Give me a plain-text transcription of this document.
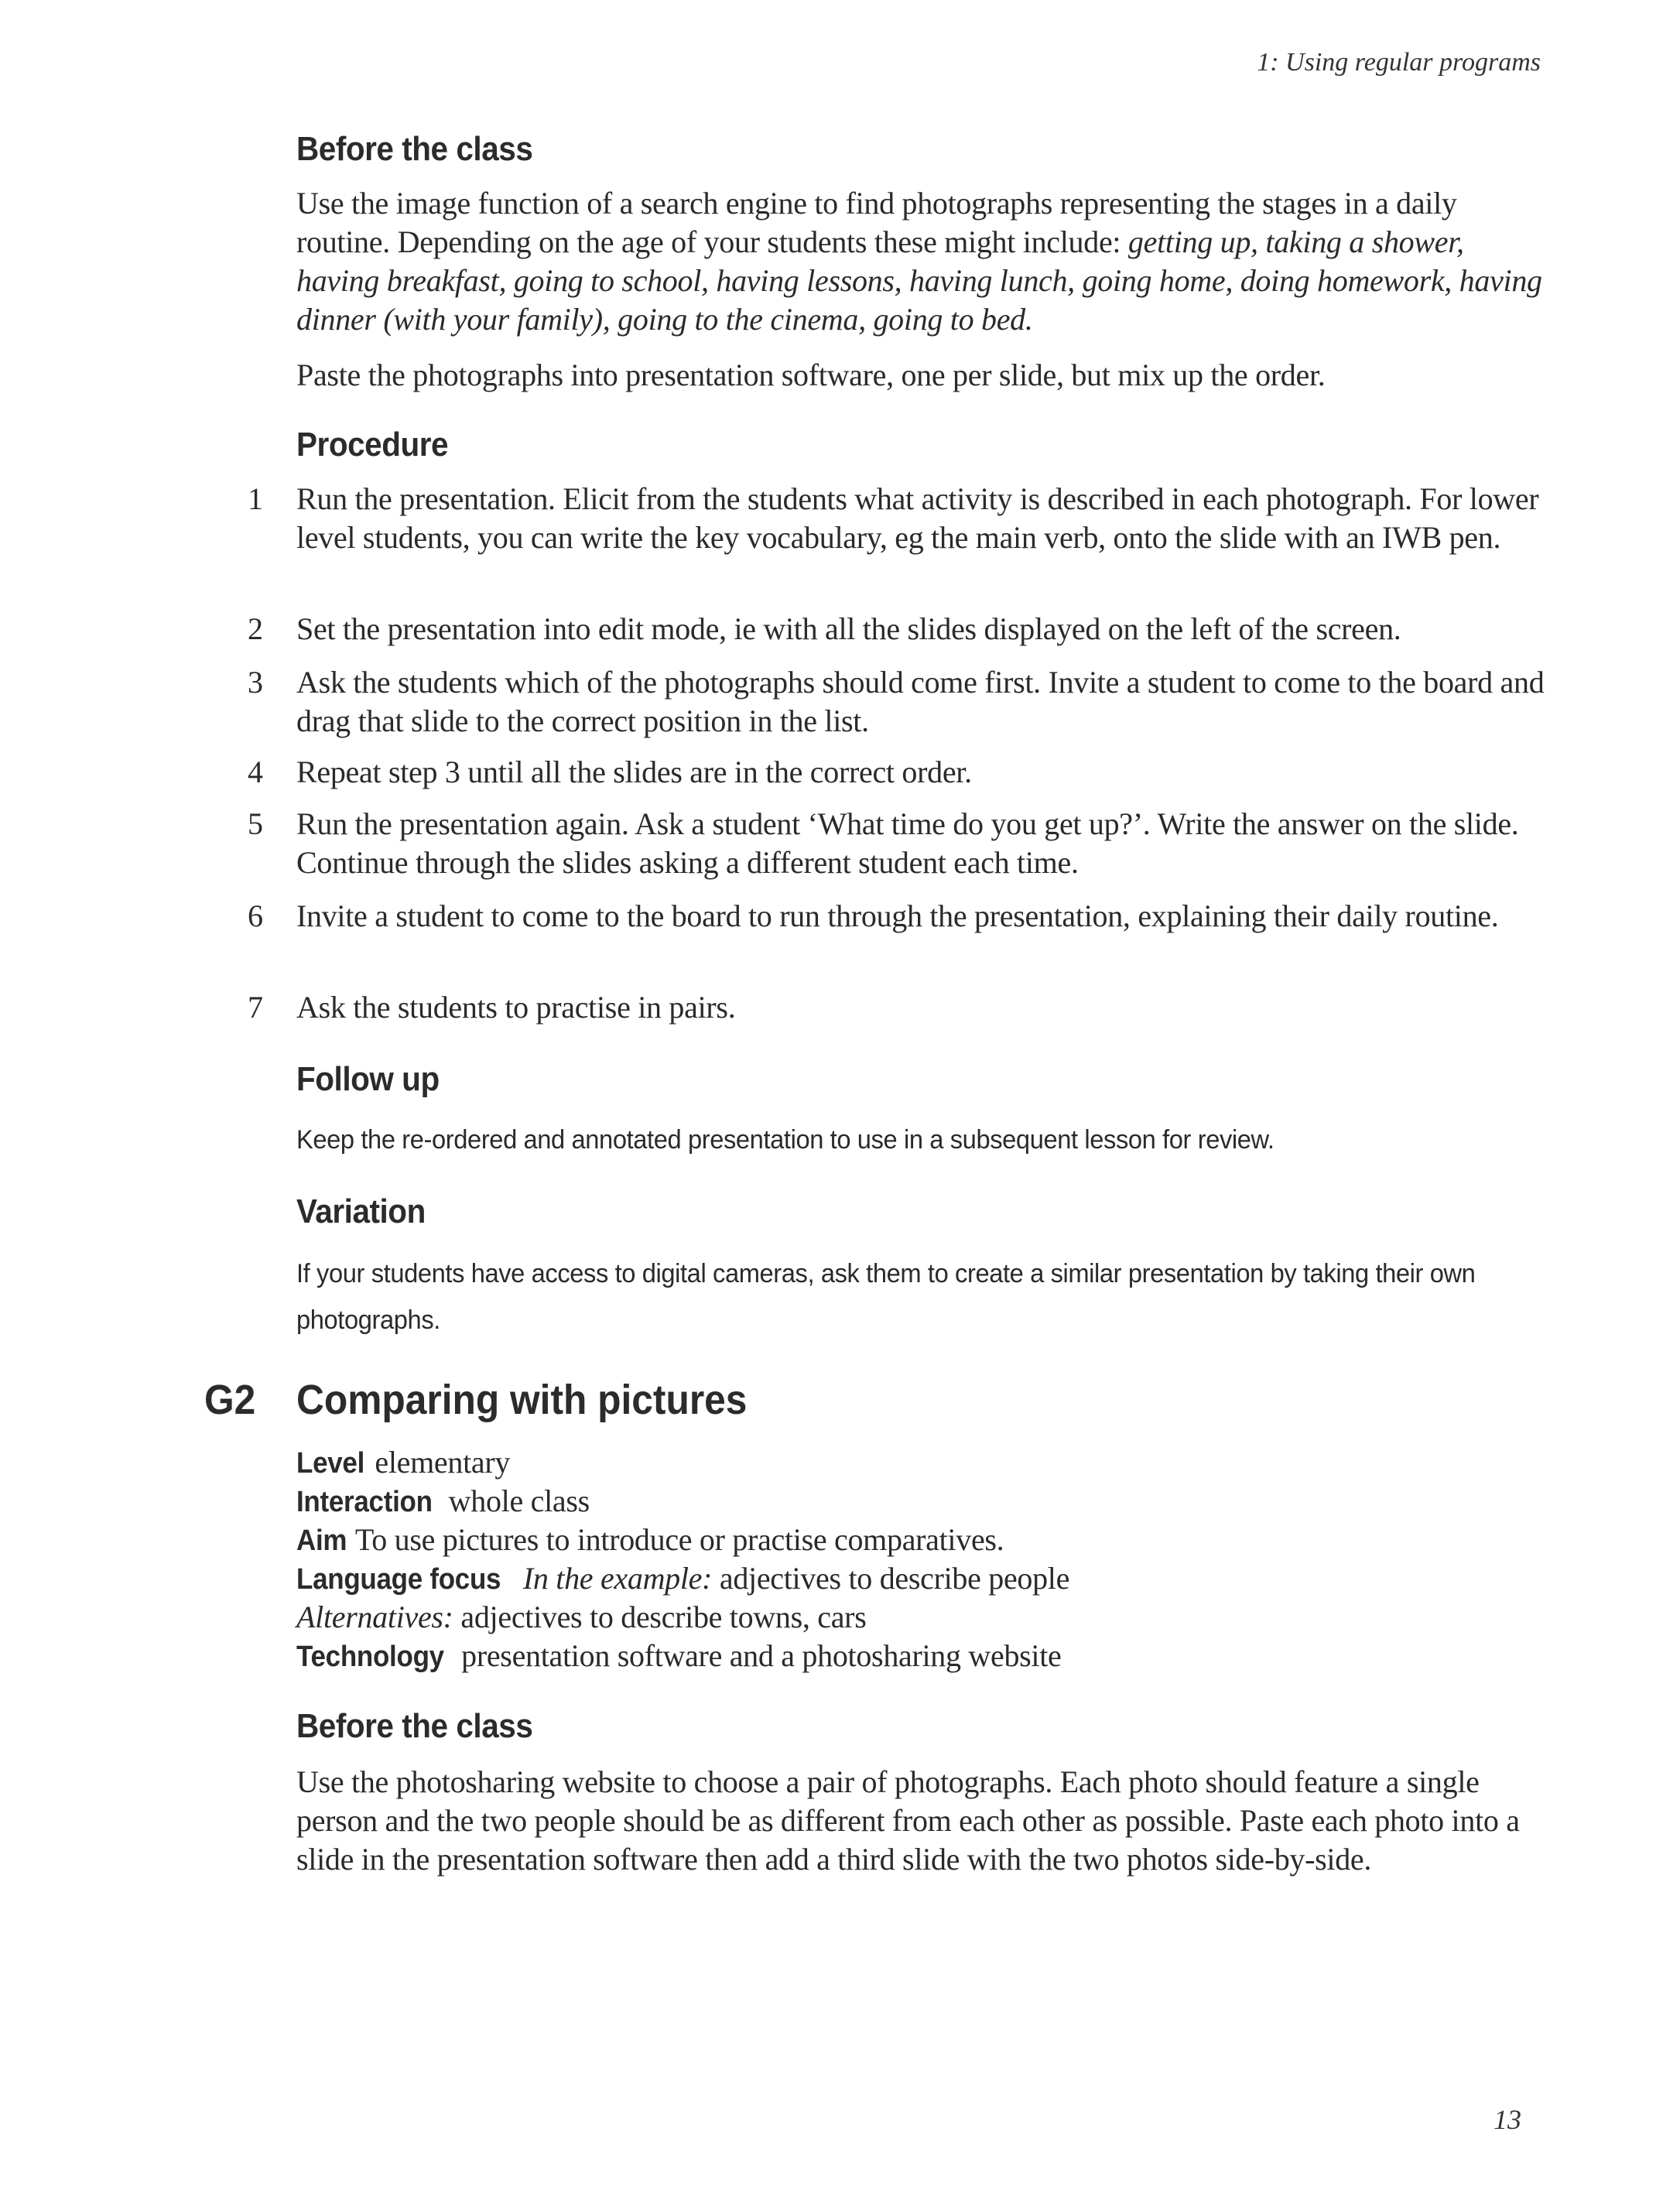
1: Using regular programs
Before the class

Use the image function of a search engine to find photographs representing the stages in a daily routine. Depending on the age of your students these might include: getting up, taking a shower, having breakfast, going to school, having lessons, having lunch, going home, doing homework, having dinner (with your family), going to the cinema, going to bed.

Paste the photographs into presentation software, one per slide, but mix up the order.
Procedure
1 Run the presentation. Elicit from the students what activity is described in each photograph. For lower level students, you can write the key vocabulary, eg the main verb, onto the slide with an IWB pen.
2 Set the presentation into edit mode, ie with all the slides displayed on the left of the screen.
3 Ask the students which of the photographs should come first. Invite a student to come to the board and drag that slide to the correct position in the list.
4 Repeat step 3 until all the slides are in the correct order.
5 Run the presentation again. Ask a student ‘What time do you get up?’. Write the answer on the slide. Continue through the slides asking a different student each time.
6 Invite a student to come to the board to run through the presentation, explaining their daily routine.
7 Ask the students to practise in pairs.
Follow up
Keep the re-ordered and annotated presentation to use in a subsequent lesson for review.
Variation
If your students have access to digital cameras, ask them to create a similar presentation by taking their own photographs.
G2 Comparing with pictures
Level elementary
Interaction whole class
Aim To use pictures to introduce or practise comparatives.
Language focus In the example: adjectives to describe people
Alternatives: adjectives to describe towns, cars
Technology presentation software and a photosharing website
Before the class
Use the photosharing website to choose a pair of photographs. Each photo should feature a single person and the two people should be as different from each other as possible. Paste each photo into a slide in the presentation software then add a third slide with the two photos side-by-side.
13
